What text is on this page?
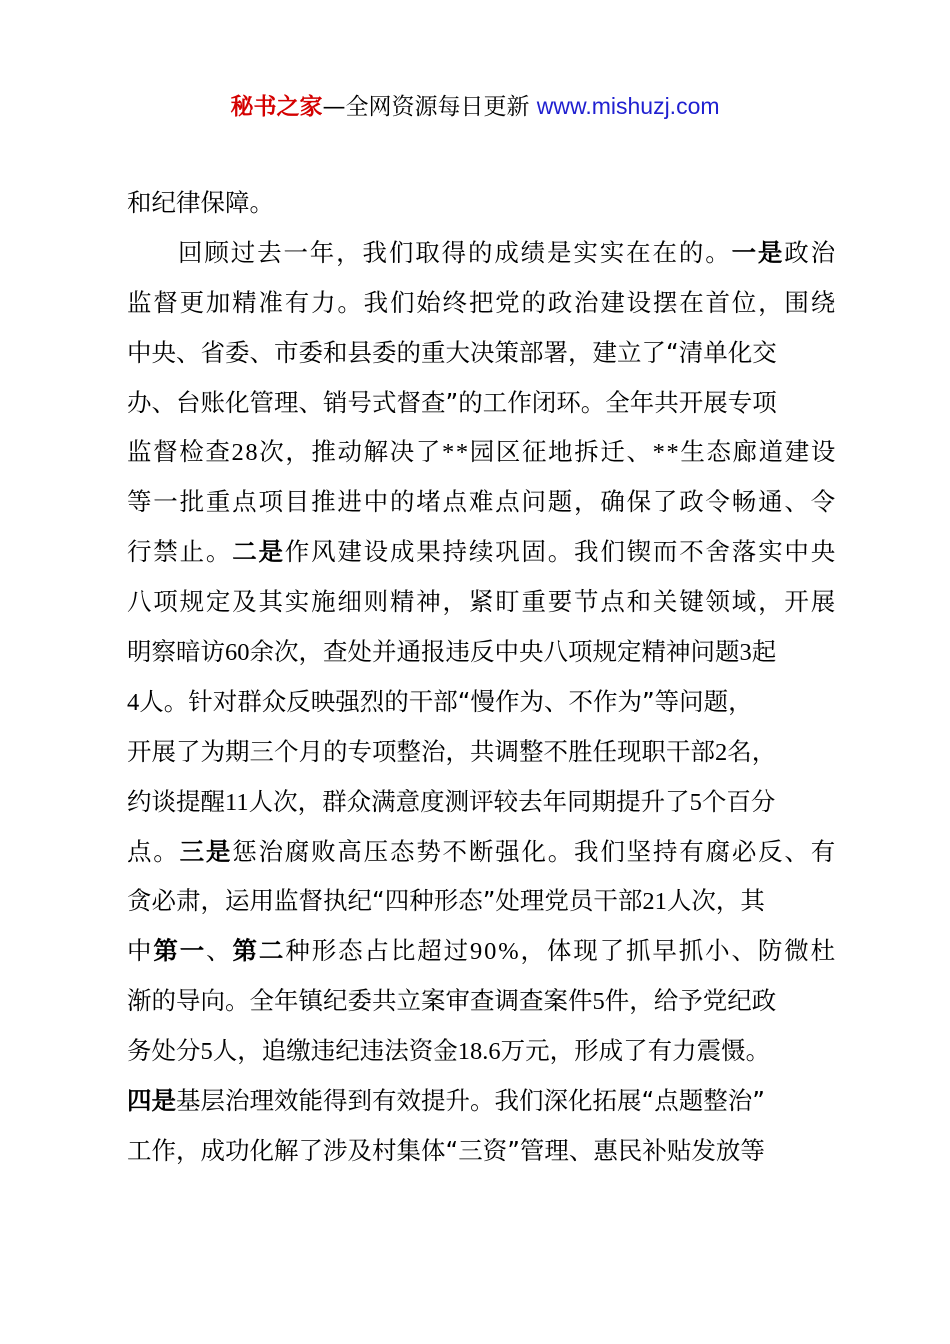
秘书之家—全网资源每日更新 www.mishuzj.com
和纪律保障。
回顾过去一年，我们取得的成绩是实实在在的。一是政治
监督更加精准有力。我们始终把党的政治建设摆在首位，围绕
中央、省委、市委和县委的重大决策部署，建立了“清单化交
办、台账化管理、销号式督查”的工作闭环。全年共开展专项
监督检查28次，推动解决了**园区征地拆迁、**生态廊道建设
等一批重点项目推进中的堵点难点问题，确保了政令畅通、令
行禁止。二是作风建设成果持续巩固。我们锲而不舍落实中央
八项规定及其实施细则精神，紧盯重要节点和关键领域，开展
明察暗访60余次，查处并通报违反中央八项规定精神问题3起
4人。针对群众反映强烈的干部“慢作为、不作为”等问题，
开展了为期三个月的专项整治，共调整不胜任现职干部2名，
约谈提醒11人次，群众满意度测评较去年同期提升了5个百分
点。三是惩治腐败高压态势不断强化。我们坚持有腐必反、有
贪必肃，运用监督执纪“四种形态”处理党员干部21人次，其
中第一、第二种形态占比超过90%，体现了抓早抓小、防微杜
渐的导向。全年镇纪委共立案审查调查案件5件，给予党纪政
务处分5人，追缴违纪违法资金18.6万元，形成了有力震慑。
四是基层治理效能得到有效提升。我们深化拓展“点题整治”
工作，成功化解了涉及村集体“三资”管理、惠民补贴发放等
